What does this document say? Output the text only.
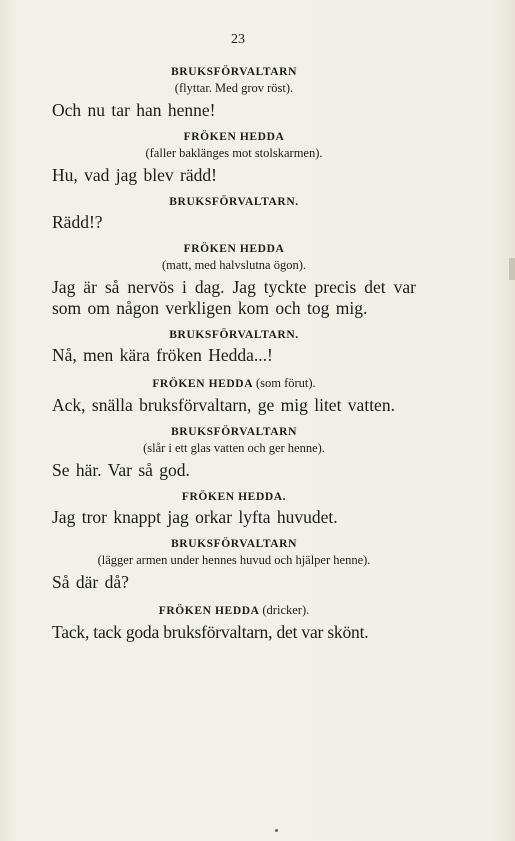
23
BRUKSFÖRVALTARN
(flyttar. Med grov röst).
Och nu tar han henne!
FRÖKEN HEDDA
(faller baklänges mot stolskarmen).
Hu, vad jag blev rädd!
BRUKSFÖRVALTARN.
Rädd!?
FRÖKEN HEDDA
(matt, med halvslutna ögon).
Jag är så nervös i dag. Jag tyckte precis det var som om någon verkligen kom och tog mig.
BRUKSFÖRVALTARN.
Nå, men kära fröken Hedda...!
FRÖKEN HEDDA (som förut).
Ack, snälla bruksförvaltarn, ge mig litet vatten.
BRUKSFÖRVALTARN
(slår i ett glas vatten och ger henne).
Se här. Var så god.
FRÖKEN HEDDA.
Jag tror knappt jag orkar lyfta huvudet.
BRUKSFÖRVALTARN
(lägger armen under hennes huvud och hjälper henne).
Så där då?
FRÖKEN HEDDA (dricker).
Tack, tack goda bruksförvaltarn, det var skönt.
